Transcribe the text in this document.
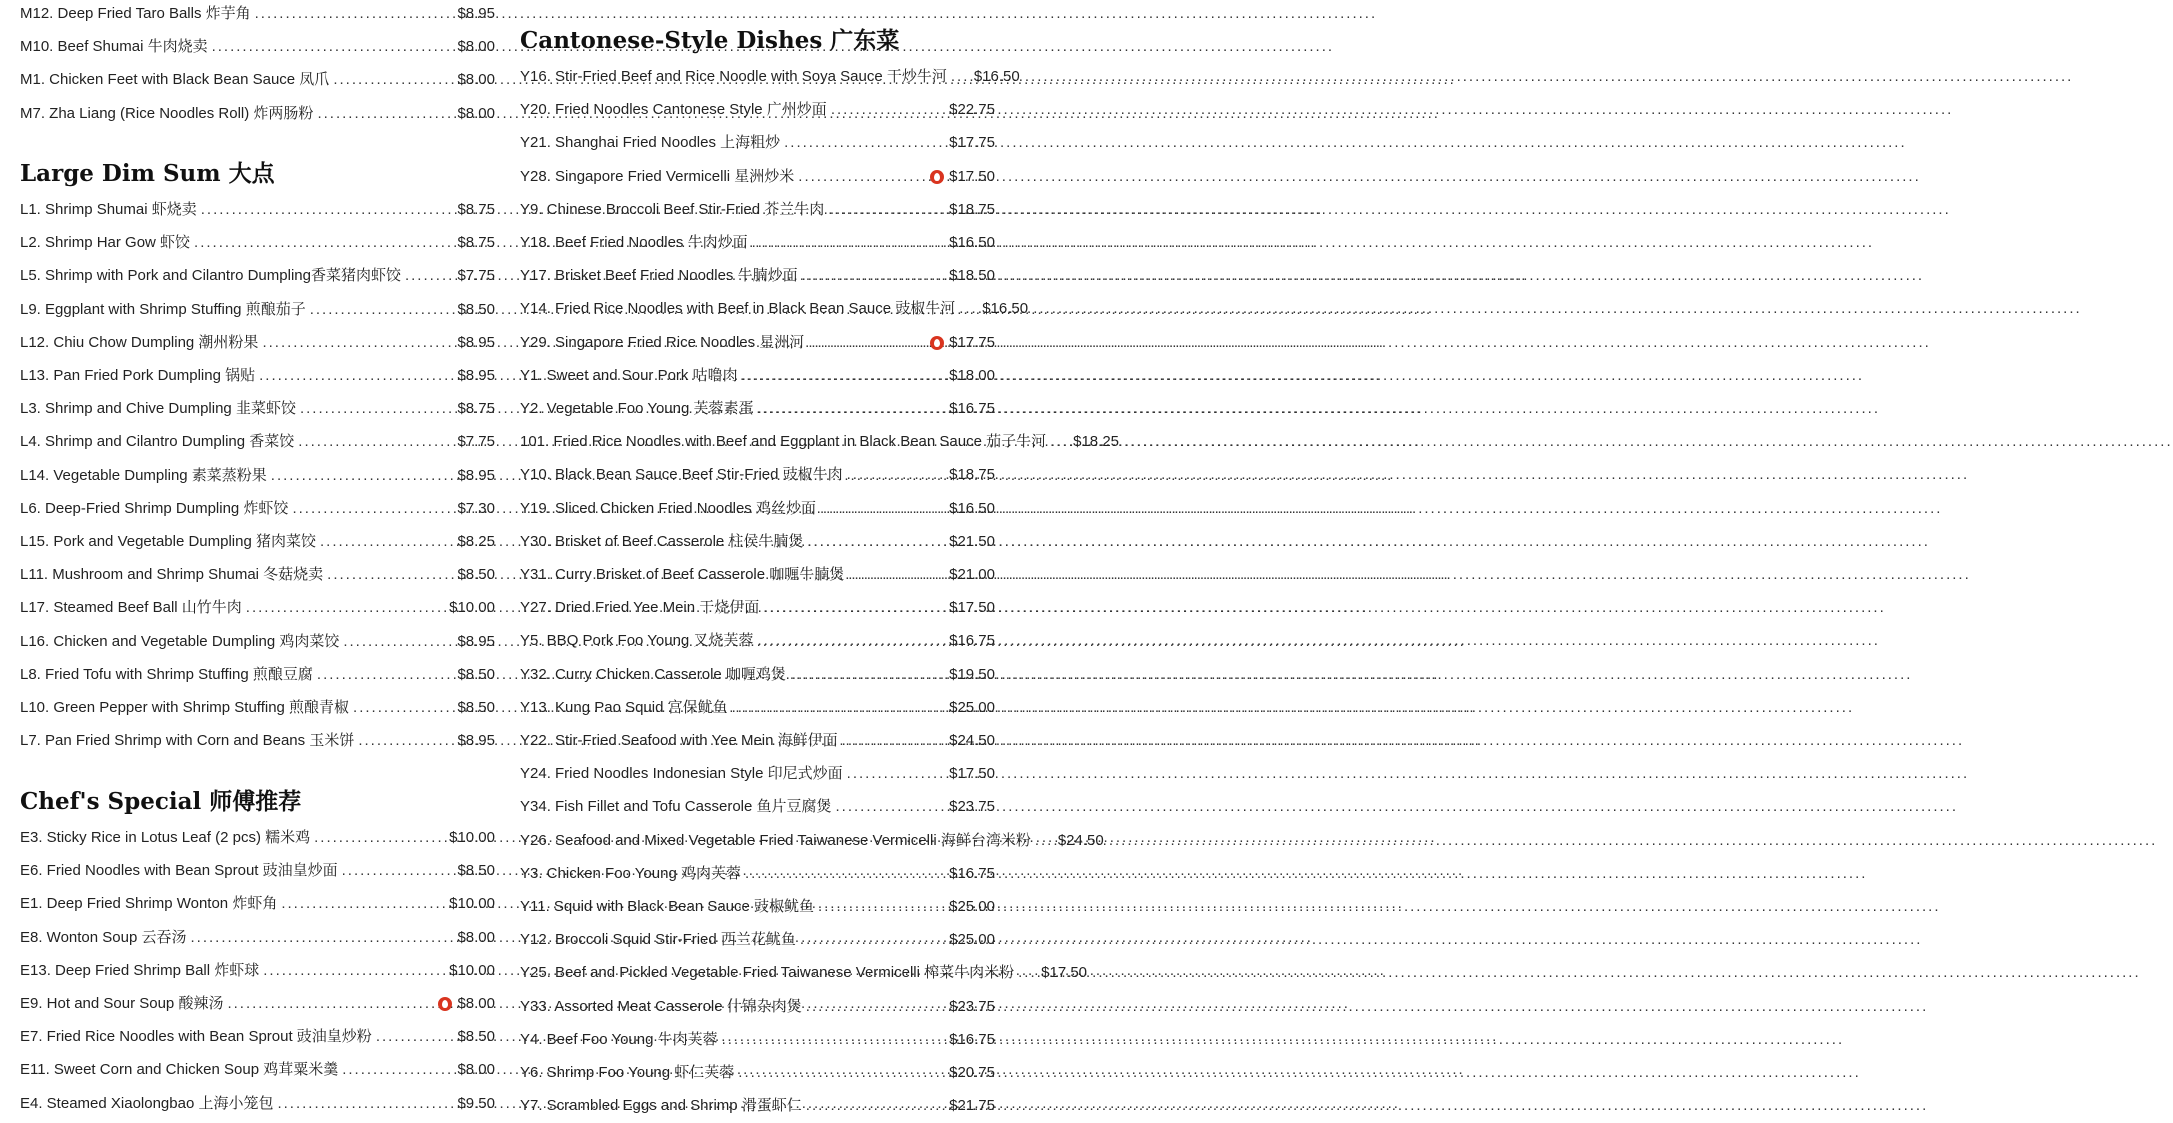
M12. Deep Fried Taro Balls 炸芋角 .....	$8.95
M10. Beef Shumai 牛肉烧卖 .....	$8.00
M1. Chicken Feet with Black Bean Sauce 凤爪 .....	$8.00
M7. Zha Liang (Rice Noodles Roll) 炸两肠粉 .....	$8.00
Large Dim Sum 大点
L1. Shrimp Shumai 虾烧卖 .....	$8.75
L2. Shrimp Har Gow 虾饺 .....	$8.75
L5. Shrimp with Pork and Cilantro Dumpling香菜猪肉虾饺 .....	$7.75
L9. Eggplant with Shrimp Stuffing 煎酿茄子 .....	$8.50
L12. Chiu Chow Dumpling 潮州粉果 .....	$8.95
L13. Pan Fried Pork Dumpling 锅贴 .....	$8.95
L3. Shrimp and Chive Dumpling 韭菜虾饺 .....	$8.75
L4. Shrimp and Cilantro Dumpling 香菜饺 .....	$7.75
L14. Vegetable Dumpling 素菜蒸粉果 .....	$8.95
L6. Deep-Fried Shrimp Dumpling 炸虾饺 .....	$7.30
L15. Pork and Vegetable Dumpling 猪肉菜饺 .....	$8.25
L11. Mushroom and Shrimp Shumai 冬菇烧卖 .....	$8.50
L17. Steamed Beef Ball 山竹牛肉 .....	$10.00
L16. Chicken and Vegetable Dumpling 鸡肉菜饺 .....	$8.95
L8. Fried Tofu with Shrimp Stuffing 煎酿豆腐 .....	$8.50
L10. Green Pepper with Shrimp Stuffing 煎酿青椒 .....	$8.50
L7. Pan Fried Shrimp with Corn and Beans 玉米饼 .....	$8.95
Chef's Special 师傅推荐
E3. Sticky Rice in Lotus Leaf (2 pcs) 糯米鸡 .....	$10.00
E6. Fried Noodles with Bean Sprout 豉油皇炒面 .....	$8.50
E1. Deep Fried Shrimp Wonton 炸虾角 .....	$10.00
E8. Wonton Soup 云吞汤 .....	$8.00
E13. Deep Fried Shrimp Ball 炸虾球 .....	$10.00
E9. Hot and Sour Soup 酸辣汤 .....	$8.00
E7. Fried Rice Noodles with Bean Sprout 豉油皇炒粉 .....	$8.50
E11. Sweet Corn and Chicken Soup 鸡茸粟米羹 .....	$8.00
E4. Steamed Xiaolongbao 上海小笼包 .....	$9.50
Cantonese-Style Dishes 广东菜
Y16. Stir-Fried Beef and Rice Noodle with Soya Sauce 干炒牛河 ..... $16.50
Y20. Fried Noodles Cantonese Style 广州炒面 .....	$22.75
Y21. Shanghai Fried Noodles 上海粗炒 .....	$17.75
Y28. Singapore Fried Vermicelli 星洲炒米 .....	$17.50
Y9. Chinese Broccoli Beef Stir-Fried 芥兰牛肉 .....	$18.75
Y18. Beef Fried Noodles 牛肉炒面 .....	$16.50
Y17. Brisket Beef Fried Noodles 牛腩炒面 .....	$18.50
Y14. Fried Rice Noodles with Beef in Black Bean Sauce 豉椒牛河 ..... $16.50
Y29. Singapore Fried Rice Noodles 星洲河 .....	$17.75
Y1. Sweet and Sour Pork 咕噜肉 .....	$18.00
Y2. Vegetable Foo Young 芙蓉素蛋 .....	$16.75
101. Fried Rice Noodles with Beef and Eggplant in Black Bean Sauce 茄子牛河 ..... $18.25
Y10. Black Bean Sauce Beef Stir-Fried 豉椒牛肉 .....	$18.75
Y19. Sliced Chicken Fried Noodles 鸡丝炒面 .....	$16.50
Y30. Brisket of Beef Casserole 柱侯牛腩煲 .....	$21.50
Y31. Curry Brisket of Beef Casserole 咖喱牛腩煲 .....	$21.00
Y27. Dried Fried Yee Mein 干烧伊面 .....	$17.50
Y5. BBQ Pork Foo Young 叉烧芙蓉 .....	$16.75
Y32. Curry Chicken Casserole 咖喱鸡煲 .....	$19.50
Y13. Kung Pao Squid 宫保鱿鱼 .....	$25.00
Y22. Stir-Fried Seafood with Yee Mein 海鲜伊面 .....	$24.50
Y24. Fried Noodles Indonesian Style 印尼式炒面 .....	$17.50
Y34. Fish Fillet and Tofu Casserole 鱼片豆腐煲 .....	$23.75
Y26. Seafood and Mixed Vegetable Fried Taiwanese Vermicelli 海鲜台湾米粉 ..... $24.50
Y3. Chicken Foo Young 鸡肉芙蓉 .....	$16.75
Y11. Squid with Black Bean Sauce 豉椒鱿鱼 .....	$25.00
Y12. Broccoli Squid Stir-Fried 西兰花鱿鱼 .....	$25.00
Y25. Beef and Pickled Vegetable Fried Taiwanese Vermicelli 榨菜牛肉米粉 ..... $17.50
Y33. Assorted Meat Casserole 什锦杂肉煲 .....	$23.75
Y4. Beef Foo Young 牛肉芙蓉 .....	$16.75
Y6. Shrimp Foo Young 虾仁芙蓉 .....	$20.75
Y7. Scrambled Eggs and Shrimp 滑蛋虾仁 .....	$21.75
